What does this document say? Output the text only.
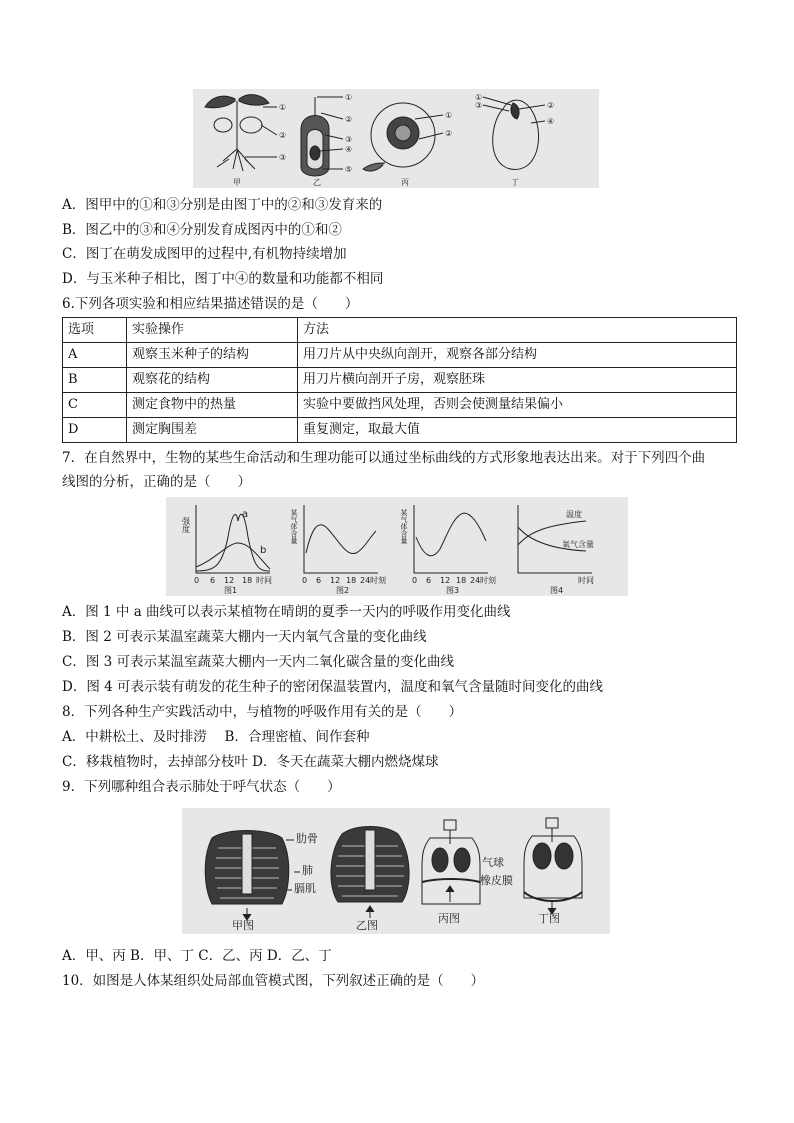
①
②
③
甲
①
②
③
④
⑤
乙
①
②
丙
①
③	②
④
丁
A．图甲中的①和③分别是由图丁中的②和③发育来的
B．图乙中的③和④分别发育成图丙中的①和②
C．图丁在萌发成图甲的过程中,有机物持续增加
D．与玉米种子相比，图丁中④的数量和功能都不相同
6.下列各项实验和相应结果描述错误的是（　　）
选项	实验操作	方法
A	观察玉米种子的结构	用刀片从中央纵向剖开，观察各部分结构
B	观察花的结构	用刀片横向剖开子房，观察胚珠
C	测定食物中的热量	实验中要做挡风处理，否则会使测量结果偏小
D	测定胸围差	重复测定，取最大值
7．在自然界中，生物的某些生命活动和生理功能可以通过坐标曲线的方式形象地表达出来。对于下列四个曲
线图的分析，正确的是（　　）
强度
a
b
0 6 12 18 时间
图1
某气体含量
0 6 12 18 24 时刻
图2
某气体含量
0 6 12 18 24 时刻
图3
温度
氧气含量
时间
图4
A．图 1 中 a 曲线可以表示某植物在晴朗的夏季一天内的呼吸作用变化曲线
B．图 2 可表示某温室蔬菜大棚内一天内氧气含量的变化曲线
C．图 3 可表示某温室蔬菜大棚内一天内二氧化碳含量的变化曲线
D．图 4 可表示装有萌发的花生种子的密闭保温装置内，温度和氧气含量随时间变化的曲线
8．下列各种生产实践活动中，与植物的呼吸作用有关的是（　　）
A．中耕松土、及时排涝　 B．合理密植、间作套种
C．移栽植物时，去掉部分枝叶 D．冬天在蔬菜大棚内燃烧煤球
9．下列哪种组合表示肺处于呼气状态（　　）
甲图
肋骨
肺
膈肌
乙图
气球
橡皮膜
丙图	丁图
A．甲、丙 B．甲、丁 C．乙、丙 D．乙、丁
10．如图是人体某组织处局部血管模式图，下列叙述正确的是（　　）
